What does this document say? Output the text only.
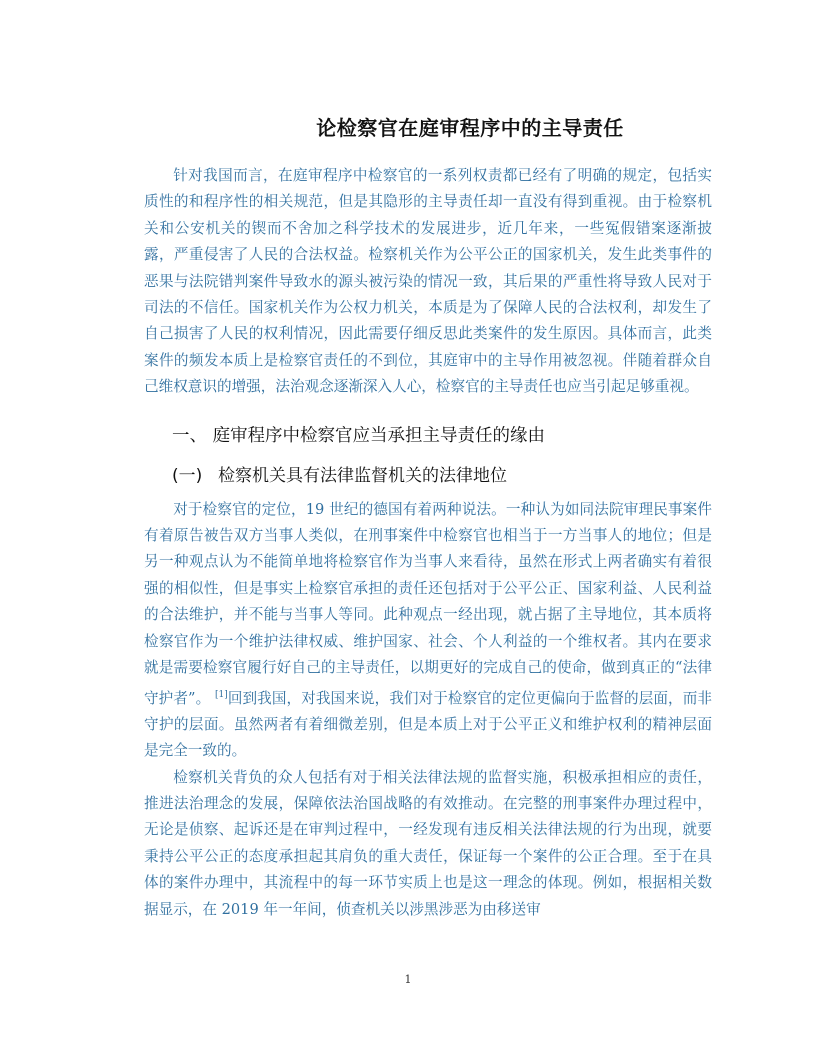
论检察官在庭审程序中的主导责任

针对我国而言，在庭审程序中检察官的一系列权责都已经有了明确的规定，包括实质性的和程序性的相关规范，但是其隐形的主导责任却一直没有得到重视。由于检察机关和公安机关的锲而不舍加之科学技术的发展进步，近几年来，一些冤假错案逐渐披露，严重侵害了人民的合法权益。检察机关作为公平公正的国家机关，发生此类事件的恶果与法院错判案件导致水的源头被污染的情况一致，其后果的严重性将导致人民对于司法的不信任。国家机关作为公权力机关，本质是为了保障人民的合法权利，却发生了自己损害了人民的权利情况，因此需要仔细反思此类案件的发生原因。具体而言，此类案件的频发本质上是检察官责任的不到位，其庭审中的主导作用被忽视。伴随着群众自己维权意识的增强，法治观念逐渐深入人心，检察官的主导责任也应当引起足够重视。

一、 庭审程序中检察官应当承担主导责任的缘由
(一) 检察机关具有法律监督机关的法律地位

对于检察官的定位，19 世纪的德国有着两种说法。一种认为如同法院审理民事案件有着原告被告双方当事人类似，在刑事案件中检察官也相当于一方当事人的地位；但是另一种观点认为不能简单地将检察官作为当事人来看待，虽然在形式上两者确实有着很强的相似性，但是事实上检察官承担的责任还包括对于公平公正、国家利益、人民利益的合法维护，并不能与当事人等同。此种观点一经出现，就占据了主导地位，其本质将检察官作为一个维护法律权威、维护国家、社会、个人利益的一个维权者。其内在要求就是需要检察官履行好自己的主导责任，以期更好的完成自己的使命，做到真正的“法律守护者”。 [1]回到我国，对我国来说，我们对于检察官的定位更偏向于监督的层面，而非守护的层面。虽然两者有着细微差别，但是本质上对于公平正义和维护权利的精神层面是完全一致的。

检察机关背负的众人包括有对于相关法律法规的监督实施，积极承担相应的责任，推进法治理念的发展，保障依法治国战略的有效推动。在完整的刑事案件办理过程中，无论是侦察、起诉还是在审判过程中，一经发现有违反相关法律法规的行为出现，就要秉持公平公正的态度承担起其肩负的重大责任，保证每一个案件的公正合理。至于在具体的案件办理中，其流程中的每一环节实质上也是这一理念的体现。例如，根据相关数据显示，在 2019 年一年间，侦查机关以涉黑涉恶为由移送审

1
